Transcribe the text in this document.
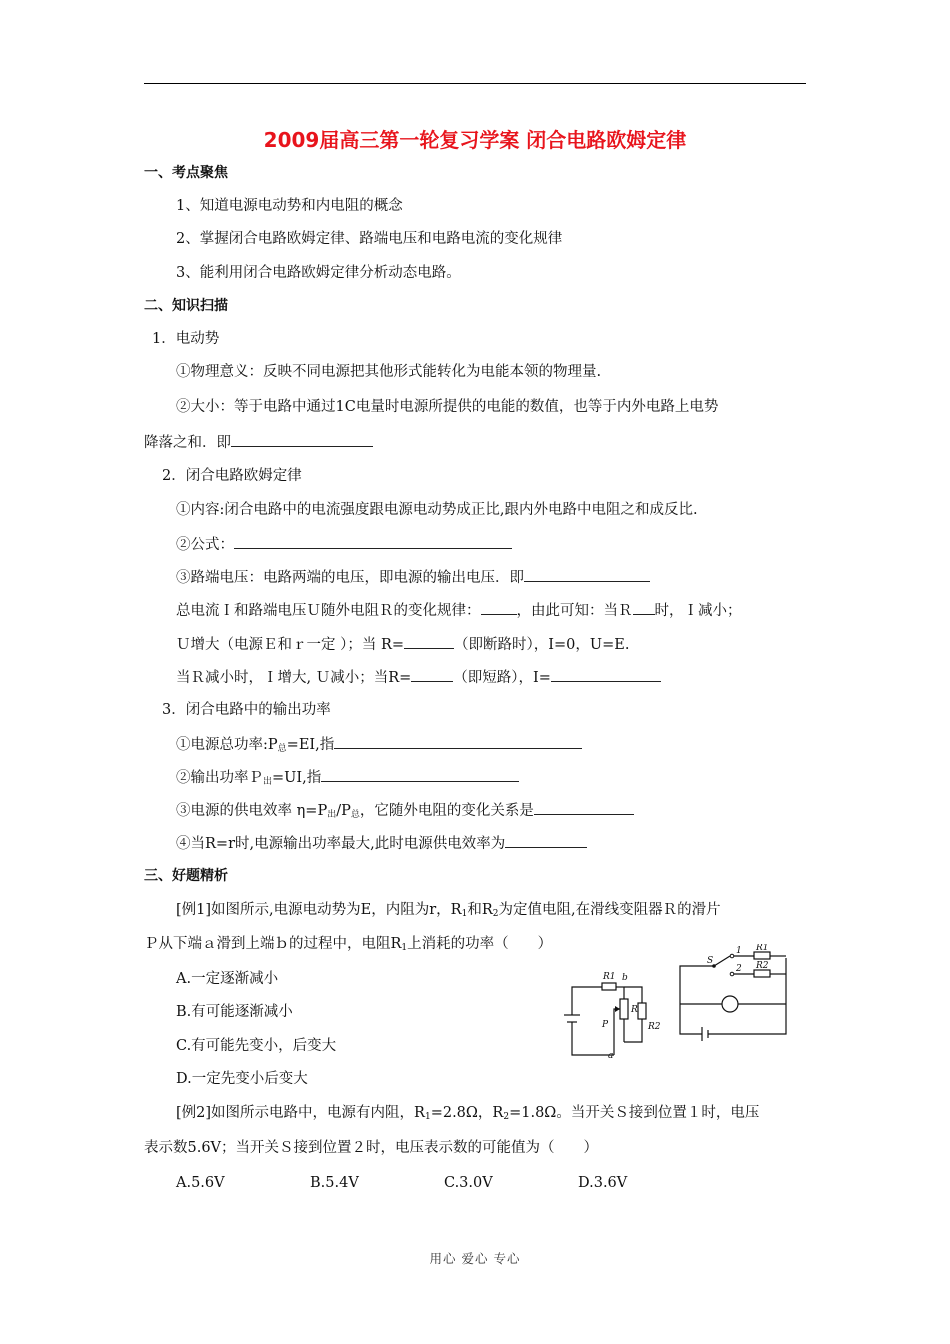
2009届高三第一轮复习学案 闭合电路欧姆定律
一、考点聚焦
1、知道电源电动势和内电阻的概念
2、掌握闭合电路欧姆定律、路端电压和电路电流的变化规律
3、能利用闭合电路欧姆定律分析动态电路。
二、知识扫描
1．电动势
①物理意义：反映不同电源把其他形式能转化为电能本领的物理量.
②大小：等于电路中通过1C电量时电源所提供的电能的数值，也等于内外电路上电势
降落之和．即
2．闭合电路欧姆定律
①内容:闭合电路中的电流强度跟电源电动势成正比,跟内外电路中电阻之和成反比.
②公式：
③路端电压：电路两端的电压，即电源的输出电压．即
总电流Ｉ和路端电压Ｕ随外电阻Ｒ的变化规律： ，由此可知：当Ｒ 时，Ｉ减小；
Ｕ增大（电源Ｅ和ｒ一定 ）；当 R=	（即断路时），I=0，U=E.
当Ｒ减小时，Ｉ增大, Ｕ减小；当R=	（即短路），I=
3．闭合电路中的输出功率
①电源总功率$:P_总=EI$,指
②输出功率Ｐ$_出$=UI,指
③电源的供电效率 $\eta=P_出/P_总$，它随外电阻的变化关系是
④当R=r时,电源输出功率最大,此时电源供电效率为
三、好题精析
[例1]如图所示,电源电动势为E，内阻为r，$R_1$和$R_2$为定值电阻,在滑线变阻器Ｒ的滑片
Ｐ从下端ａ滑到上端ｂ的过程中，电阻$R_1$上消耗的功率（　　）
A.一定逐渐减小
B.有可能逐渐减小
C.有可能先变小，后变大
D.一定先变小后变大
R1 b
R
P	R2
a
S
1 R1
2 R2
[例2]如图所示电路中，电源有内阻，$R_1=2.8\Omega$，$R_2=1.8\Omega$。当开关Ｓ接到位置１时，电压
表示数5.6V；当开关Ｓ接到位置２时，电压表示数的可能值为（　　）
A.5.6V	B.5.4V	C.3.0V	D.3.6V
用心 爱心 专心
